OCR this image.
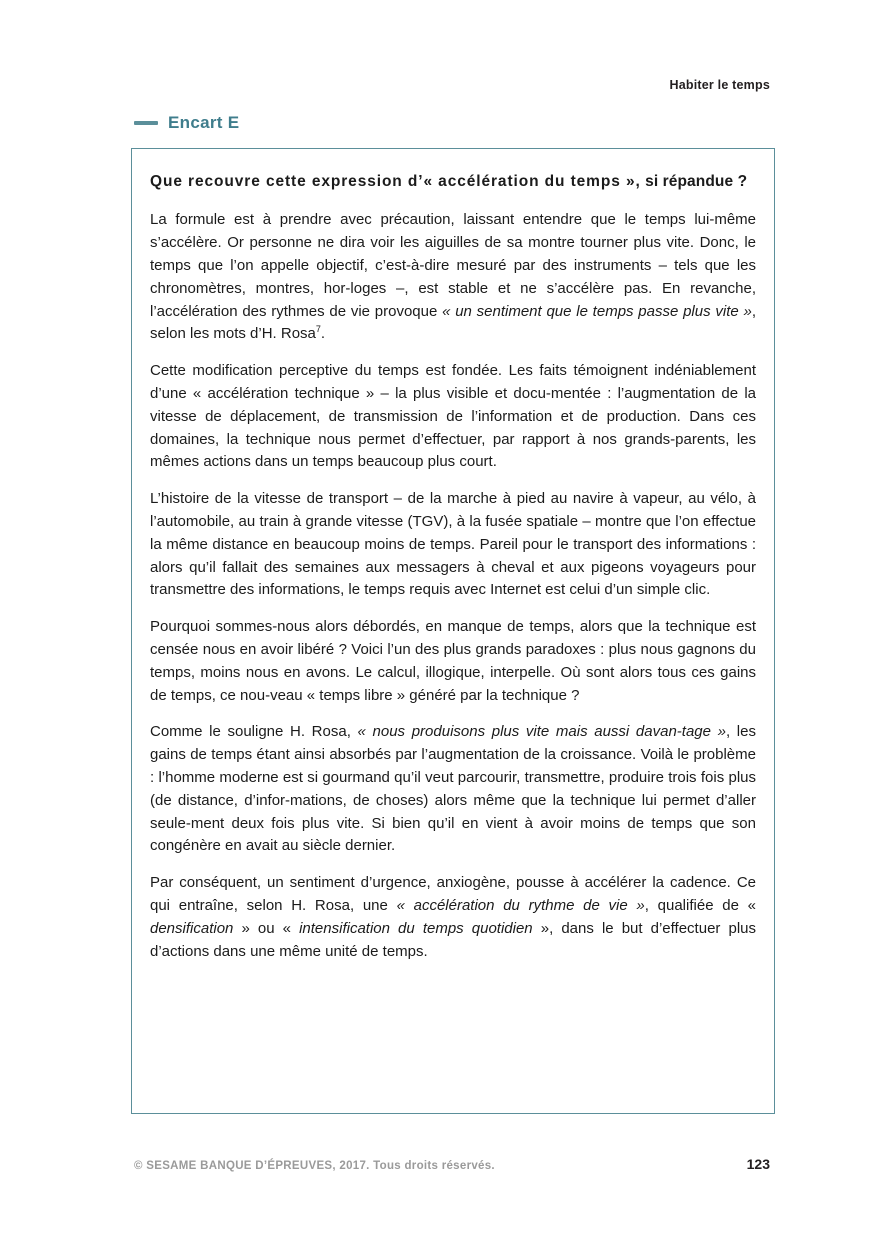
Habiter le temps
Encart E

Que recouvre cette expression d’« accélération du temps », si répandue ?

La formule est à prendre avec précaution, laissant entendre que le temps lui-même s’accélère. Or personne ne dira voir les aiguilles de sa montre tourner plus vite. Donc, le temps que l’on appelle objectif, c’est-à-dire mesuré par des instruments – tels que les chronomètres, montres, hor-loges –, est stable et ne s’accélère pas. En revanche, l’accélération des rythmes de vie provoque « un sentiment que le temps passe plus vite », selon les mots d’H. Rosa$^7$.

Cette modification perceptive du temps est fondée. Les faits témoignent indéniablement d’une « accélération technique » – la plus visible et docu-mentée : l’augmentation de la vitesse de déplacement, de transmission de l’information et de production. Dans ces domaines, la technique nous permet d’effectuer, par rapport à nos grands-parents, les mêmes actions dans un temps beaucoup plus court.

L’histoire de la vitesse de transport – de la marche à pied au navire à vapeur, au vélo, à l’automobile, au train à grande vitesse (TGV), à la fusée spatiale – montre que l’on effectue la même distance en beaucoup moins de temps. Pareil pour le transport des informations : alors qu’il fallait des semaines aux messagers à cheval et aux pigeons voyageurs pour transmettre des informations, le temps requis avec Internet est celui d’un simple clic.

Pourquoi sommes-nous alors débordés, en manque de temps, alors que la technique est censée nous en avoir libéré ? Voici l’un des plus grands paradoxes : plus nous gagnons du temps, moins nous en avons. Le calcul, illogique, interpelle. Où sont alors tous ces gains de temps, ce nou-veau « temps libre » généré par la technique ?

Comme le souligne H. Rosa, « nous produisons plus vite mais aussi davan-tage », les gains de temps étant ainsi absorbés par l’augmentation de la croissance. Voilà le problème : l’homme moderne est si gourmand qu’il veut parcourir, transmettre, produire trois fois plus (de distance, d’infor-mations, de choses) alors même que la technique lui permet d’aller seule-ment deux fois plus vite. Si bien qu’il en vient à avoir moins de temps que son congénère en avait au siècle dernier.

Par conséquent, un sentiment d’urgence, anxiogène, pousse à accélérer la cadence. Ce qui entraîne, selon H. Rosa, une « accélération du rythme de vie », qualifiée de « densification » ou « intensification du temps quotidien », dans le but d’effectuer plus d’actions dans une même unité de temps.

© SESAME BANQUE D’ÉPREUVES, 2017. Tous droits réservés.	123
